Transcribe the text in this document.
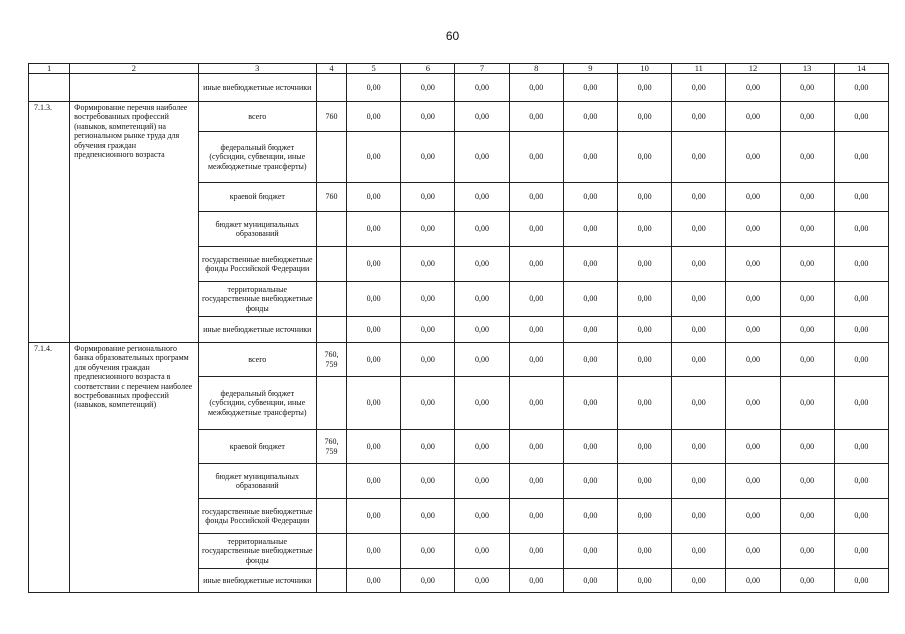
60
1	2	3	4	5	6	7	8	9	10	11	12	13	14
		иные внебюджетные источники		0,00	0,00	0,00	0,00	0,00	0,00	0,00	0,00	0,00	0,00
7.1.3.	Формирование перечня наиболее востребованных профессий (навыков, компетенций) на региональном рынке труда для обучения граждан предпенсионного возраста	всего	760	0,00	0,00	0,00	0,00	0,00	0,00	0,00	0,00	0,00	0,00
		федеральный бюджет (субсидии, субвенции, иные межбюджетные трансферты)		0,00	0,00	0,00	0,00	0,00	0,00	0,00	0,00	0,00	0,00
		краевой бюджет	760	0,00	0,00	0,00	0,00	0,00	0,00	0,00	0,00	0,00	0,00
		бюджет муниципальных образований		0,00	0,00	0,00	0,00	0,00	0,00	0,00	0,00	0,00	0,00
		государственные внебюджетные фонды Российской Федерации		0,00	0,00	0,00	0,00	0,00	0,00	0,00	0,00	0,00	0,00
		территориальные государственные внебюджетные фонды		0,00	0,00	0,00	0,00	0,00	0,00	0,00	0,00	0,00	0,00
		иные внебюджетные источники		0,00	0,00	0,00	0,00	0,00	0,00	0,00	0,00	0,00	0,00
7.1.4.	Формирование регионального банка образовательных программ для обучения граждан предпенсионного возраста в соответствии с перечнем наиболее востребованных профессий (навыков, компетенций)	всего	760, 759	0,00	0,00	0,00	0,00	0,00	0,00	0,00	0,00	0,00	0,00
		федеральный бюджет (субсидии, субвенции, иные межбюджетные трансферты)		0,00	0,00	0,00	0,00	0,00	0,00	0,00	0,00	0,00	0,00
		краевой бюджет	760, 759	0,00	0,00	0,00	0,00	0,00	0,00	0,00	0,00	0,00	0,00
		бюджет муниципальных образований		0,00	0,00	0,00	0,00	0,00	0,00	0,00	0,00	0,00	0,00
		государственные внебюджетные фонды Российской Федерации		0,00	0,00	0,00	0,00	0,00	0,00	0,00	0,00	0,00	0,00
		территориальные государственные внебюджетные фонды		0,00	0,00	0,00	0,00	0,00	0,00	0,00	0,00	0,00	0,00
		иные внебюджетные источники		0,00	0,00	0,00	0,00	0,00	0,00	0,00	0,00	0,00	0,00
